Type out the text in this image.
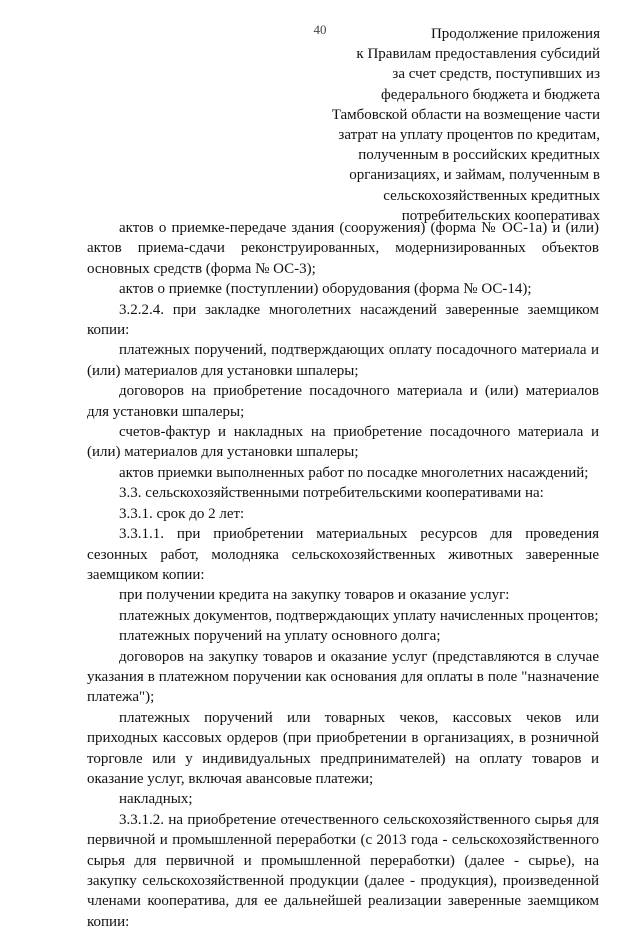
40	Продолжение приложения
к Правилам предоставления субсидий
за счет средств, поступивших из
федерального бюджета и бюджета
Тамбовской области на возмещение части
затрат на уплату процентов по кредитам,
полученным в российских кредитных
организациях, и займам, полученным в
сельскохозяйственных кредитных
потребительских кооперативах

актов о приемке-передаче здания (сооружения) (форма № ОС-1а) и (или) актов приема-сдачи реконструированных, модернизированных объектов основных средств (форма № ОС-3);

актов о приемке (поступлении) оборудования (форма № ОС-14);

3.2.2.4. при закладке многолетних насаждений заверенные заемщиком копии:

платежных поручений, подтверждающих оплату посадочного материала и (или) материалов для установки шпалеры;

договоров на приобретение посадочного материала и (или) материалов для установки шпалеры;

счетов-фактур и накладных на приобретение посадочного материала и (или) материалов для установки шпалеры;

актов приемки выполненных работ по посадке многолетних насаждений;

3.3. сельскохозяйственными потребительскими кооперативами на:

3.3.1. срок до 2 лет:

3.3.1.1. при приобретении материальных ресурсов для проведения сезонных работ, молодняка сельскохозяйственных животных заверенные заемщиком копии:

при получении кредита на закупку товаров и оказание услуг:

платежных документов, подтверждающих уплату начисленных процентов;

платежных поручений на уплату основного долга;

договоров на закупку товаров и оказание услуг (представляются в случае указания в платежном поручении как основания для оплаты в поле "назначение платежа");

платежных поручений или товарных чеков, кассовых чеков или приходных кассовых ордеров (при приобретении в организациях, в розничной торговле или у индивидуальных предпринимателей) на оплату товаров и оказание услуг, включая авансовые платежи;

накладных;

3.3.1.2. на приобретение отечественного сельскохозяйственного сырья для первичной и промышленной переработки (с 2013 года - сельскохозяйственного сырья для первичной и промышленной переработки) (далее - сырье), на закупку сельскохозяйственной продукции (далее - продукция), произведенной членами кооператива, для ее дальнейшей реализации заверенные заемщиком копии:
